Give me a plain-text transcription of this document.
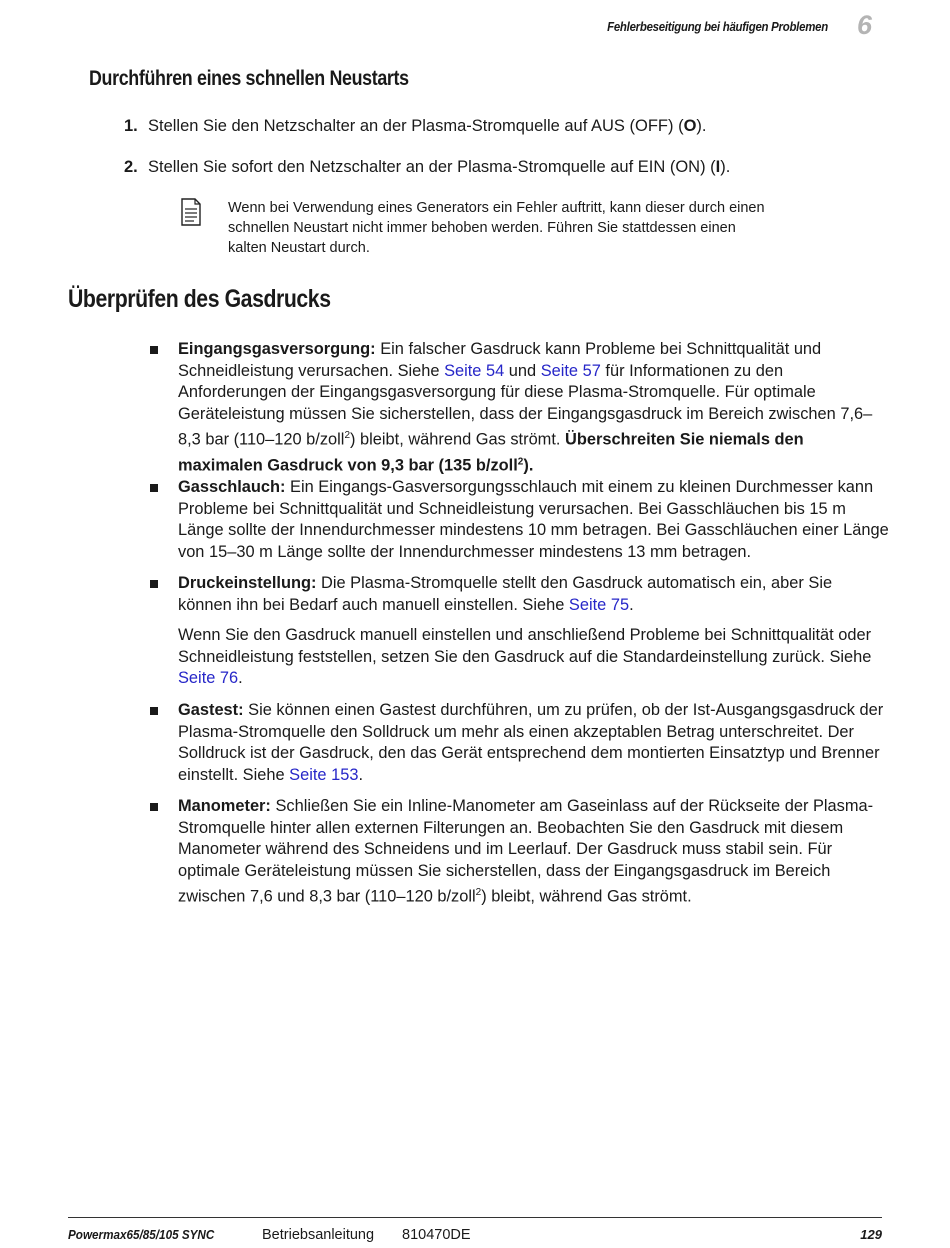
Fehlerbeseitigung bei häufigen Problemen 6
Durchführen eines schnellen Neustarts
1. Stellen Sie den Netzschalter an der Plasma-Stromquelle auf AUS (OFF) (O).
2. Stellen Sie sofort den Netzschalter an der Plasma-Stromquelle auf EIN (ON) (I).
Wenn bei Verwendung eines Generators ein Fehler auftritt, kann dieser durch einen schnellen Neustart nicht immer behoben werden. Führen Sie stattdessen einen kalten Neustart durch.
Überprüfen des Gasdrucks
Eingangsgasversorgung: Ein falscher Gasdruck kann Probleme bei Schnittqualität und Schneidleistung verursachen. Siehe Seite 54 und Seite 57 für Informationen zu den Anforderungen der Eingangsgasversorgung für diese Plasma-Stromquelle. Für optimale Geräteleistung müssen Sie sicherstellen, dass der Eingangsgasdruck im Bereich zwischen 7,6–8,3 bar (110–120 b/zoll$^2$) bleibt, während Gas strömt. Überschreiten Sie niemals den maximalen Gasdruck von 9,3 bar (135 b/zoll$^2$).
Gasschlauch: Ein Eingangs-Gasversorgungsschlauch mit einem zu kleinen Durchmesser kann Probleme bei Schnittqualität und Schneidleistung verursachen. Bei Gasschläuchen bis 15 m Länge sollte der Innendurchmesser mindestens 10 mm betragen. Bei Gasschläuchen einer Länge von 15–30 m Länge sollte der Innendurchmesser mindestens 13 mm betragen.
Druckeinstellung: Die Plasma-Stromquelle stellt den Gasdruck automatisch ein, aber Sie können ihn bei Bedarf auch manuell einstellen. Siehe Seite 75.
Wenn Sie den Gasdruck manuell einstellen und anschließend Probleme bei Schnittqualität oder Schneidleistung feststellen, setzen Sie den Gasdruck auf die Standardeinstellung zurück. Siehe Seite 76.
Gastest: Sie können einen Gastest durchführen, um zu prüfen, ob der Ist-Ausgangsgasdruck der Plasma-Stromquelle den Solldruck um mehr als einen akzeptablen Betrag unterschreitet. Der Solldruck ist der Gasdruck, den das Gerät entsprechend dem montierten Einsatztyp und Brenner einstellt. Siehe Seite 153.
Manometer: Schließen Sie ein Inline-Manometer am Gaseinlass auf der Rückseite der Plasma-Stromquelle hinter allen externen Filterungen an. Beobachten Sie den Gasdruck mit diesem Manometer während des Schneidens und im Leerlauf. Der Gasdruck muss stabil sein. Für optimale Geräteleistung müssen Sie sicherstellen, dass der Eingangsgasdruck im Bereich zwischen 7,6 und 8,3 bar (110–120 b/zoll$^2$) bleibt, während Gas strömt.
Powermax65/85/105 SYNC	Betriebsanleitung 810470DE	129
